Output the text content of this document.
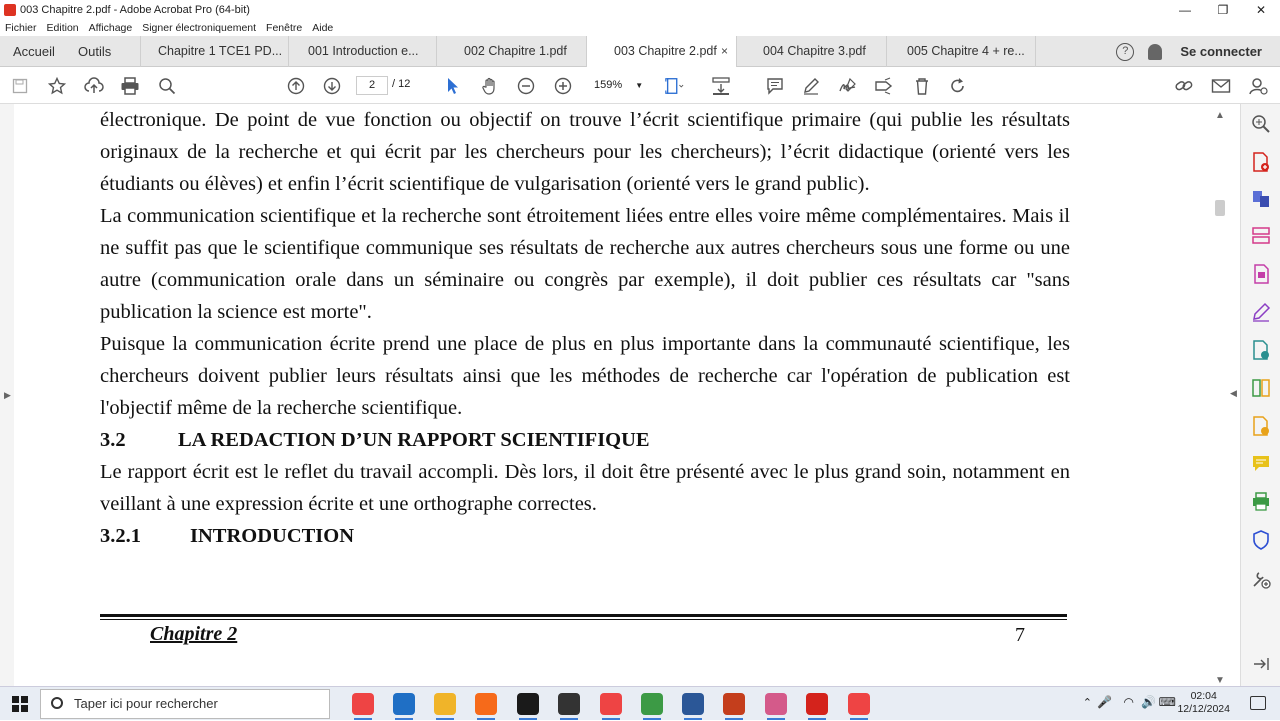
003 Chapitre 2.pdf - Adobe Acrobat Pro (64-bit)	—	❐	✕
Fichier Edition Affichage Signer électroniquement Fenêtre Aide
Accueil	Outils	Chapitre 1 TCE1 PD...	001 Introduction e...	002 Chapitre 1.pdf	003 Chapitre 2.pdf ×	004 Chapitre 3.pdf	005 Chapitre 4 + re...	?	Se connecter
2	/ 12	159% ▼
▶

électronique. De point de vue fonction ou objectif on trouve l’écrit scientifique primaire (qui publie les résultats originaux de la recherche et qui écrit par les chercheurs pour les chercheurs); l’écrit didactique (orienté vers les étudiants ou élèves) et enfin l’écrit scientifique de vulgarisation (orienté vers le grand public).

La communication scientifique et la recherche sont étroitement liées entre elles voire même complémentaires. Mais il ne suffit pas que le scientifique communique ses résultats de recherche aux autres chercheurs sous une forme ou une autre (communication orale dans un séminaire ou congrès par exemple), il doit publier ces résultats car "sans publication la science est morte".

Puisque la communication écrite prend une place de plus en plus importante dans la communauté scientifique, les chercheurs doivent publier leurs résultats ainsi que les méthodes de recherche car l'opération de publication est l'objectif même de la recherche scientifique.

3.2	LA REDACTION D’UN RAPPORT SCIENTIFIQUE

Le rapport écrit est le reflet du travail accompli. Dès lors, il doit être présenté avec le plus grand soin, notamment en veillant à une expression écrite et une orthographe correctes.

3.2.1	INTRODUCTION
Chapitre 2	7
▲
▼
◀
Taper ici pour rechercher	⌃ 🎤 ◠ 🔊 ⌨	02:04
12/12/2024
